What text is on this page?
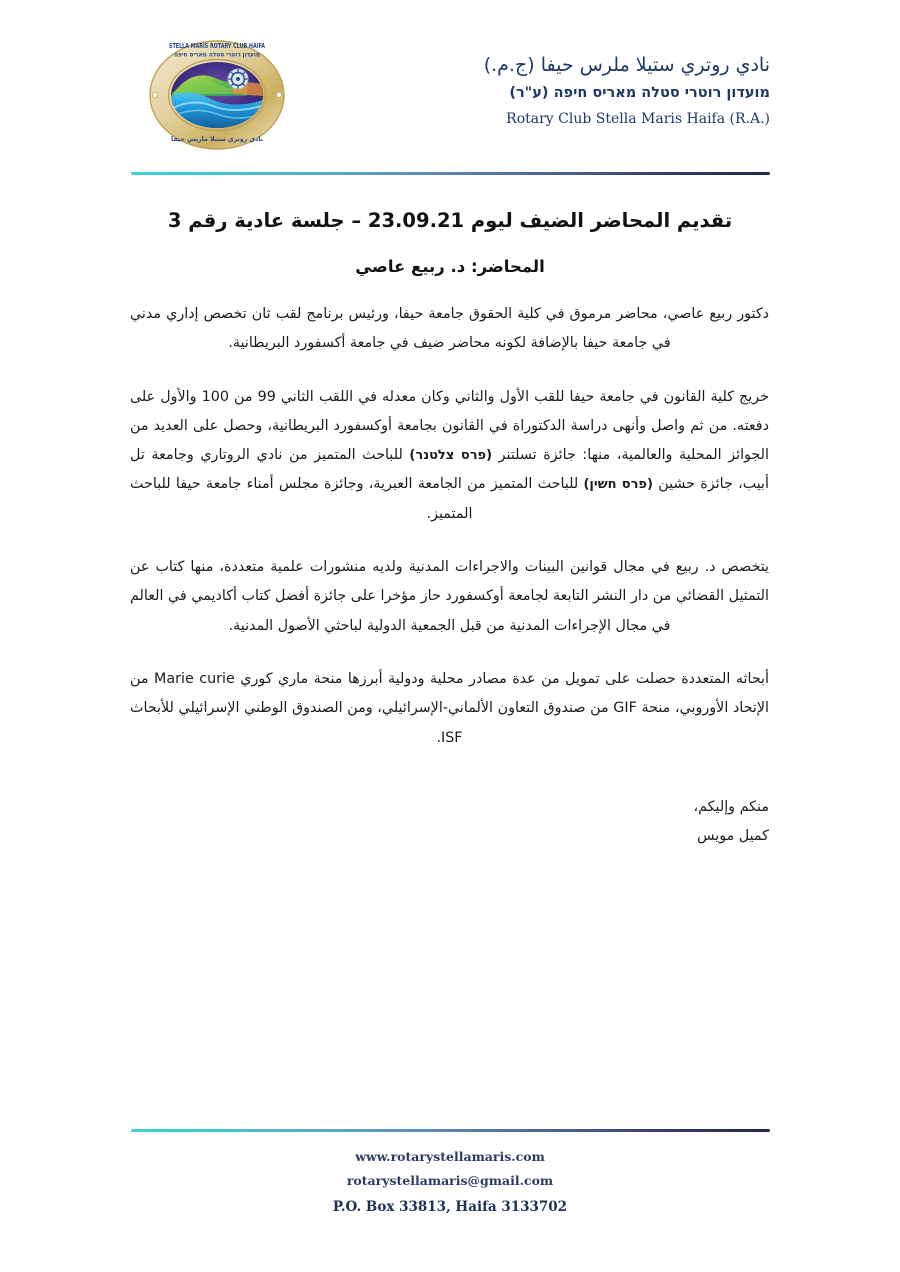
STELLA MARIS ROTARY CLUB HAIFA
מועדון רוטרי סטלה מאריס חיפה
نادي روتري ستيلا ماريس حيفا
نادي روتري ستيلا ملرس حيفا (ج.م.)
מועדון רוטרי סטלה מאריס חיפה (ע"ר)
Rotary Club Stella Maris Haifa (R.A.)
تقديم المحاضر الضيف ليوم 23.09.21 – جلسة عادية رقم 3
المحاضر: د. ربيع عاصي

دكتور ربيع عاصي، محاضر مرموق في كلية الحقوق جامعة حيفا، ورئيس برنامج لقب ثان تخصص إداري مدني في جامعة حيفا بالإضافة لكونه محاضر ضيف في جامعة أكسفورد البريطانية.

خريج كلية القانون في جامعة حيفا للقب الأول والثاني وكان معدله في اللقب الثاني 99 من 100 والأول على دفعته. من ثم واصل وأنهى دراسة الدكتوراة في القانون بجامعة أوكسفورد البريطانية، وحصل على العديد من الجوائز المحلية والعالمية، منها: جائزة تسلتنر (פרס צלטנר) للباحث المتميز من نادي الروتاري وجامعة تل أبيب، جائزة حشين (פרס חשין) للباحث المتميز من الجامعة العبرية، وجائزة مجلس أمناء جامعة حيفا للباحث المتميز.

يتخصص د. ربيع في مجال قوانين البينات والاجراءات المدنية ولديه منشورات علمية متعددة، منها كتاب عن التمثيل القضائي من دار النشر التابعة لجامعة أوكسفورد حاز مؤخرا على جائزة أفضل كتاب أكاديمي في العالم في مجال الإجراءات المدنية من قبل الجمعية الدولية لباحثي الأصول المدنية.

أبحاثه المتعددة حصلت على تمويل من عدة مصادر محلية ودولية أبرزها منحة ماري كوري Marie curie من الإتحاد الأوروبي، منحة GIF من صندوق التعاون الألماني-الإسرائيلي، ومن الصندوق الوطني الإسرائيلي للأبحاث ISF.

منكم وإليكم،
كميل مويس
www.rotarystellamaris.com
rotarystellamaris@gmail.com
P.O. Box 33813, Haifa 3133702
